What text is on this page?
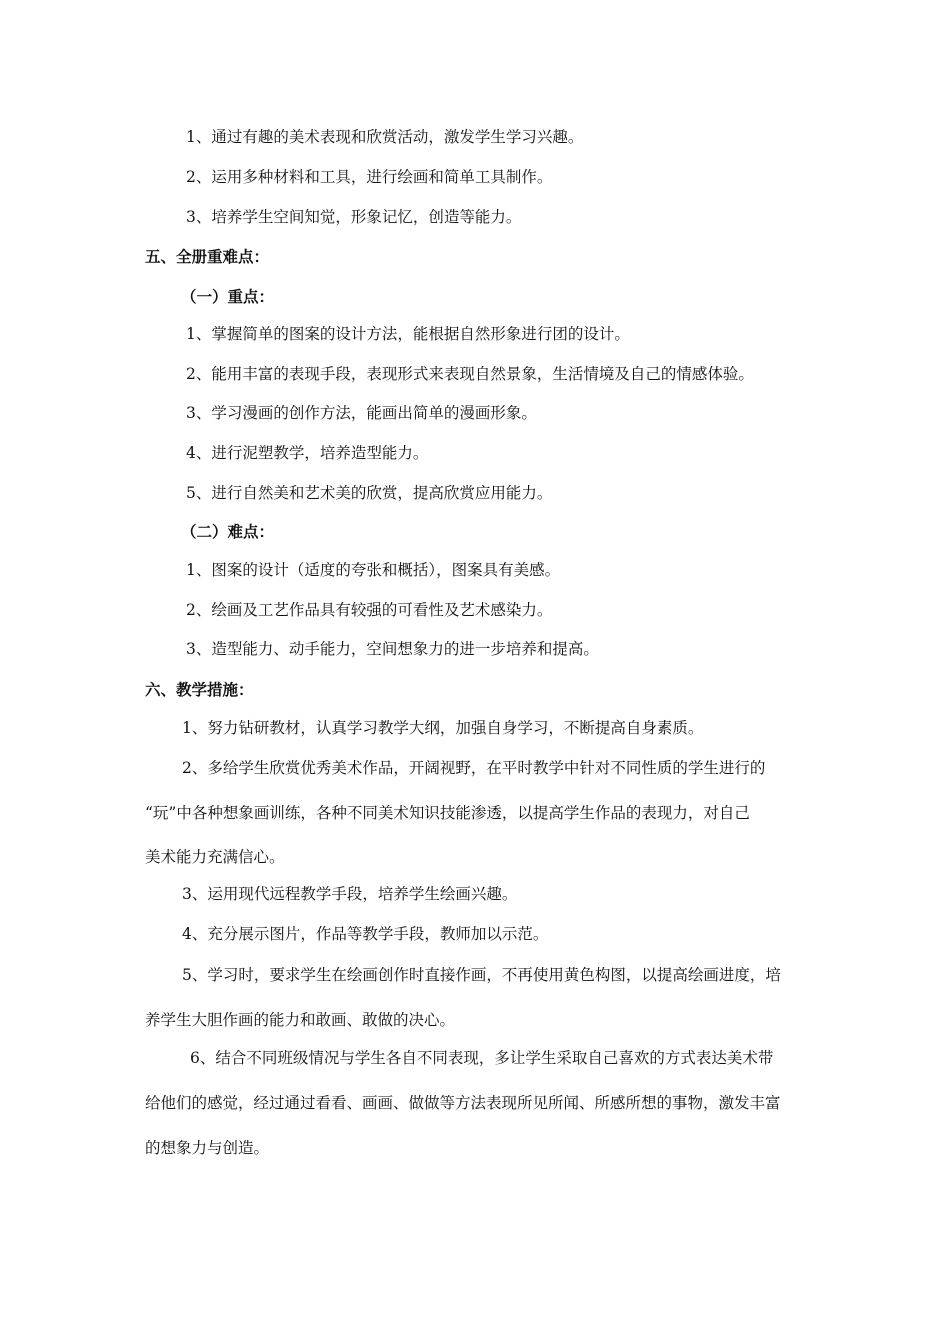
1、通过有趣的美术表现和欣赏活动，激发学生学习兴趣。
2、运用多种材料和工具，进行绘画和简单工具制作。
3、培养学生空间知觉，形象记忆，创造等能力。
五、全册重难点：
（一）重点：
1、掌握简单的图案的设计方法，能根据自然形象进行团的设计。
2、能用丰富的表现手段，表现形式来表现自然景象，生活情境及自己的情感体验。
3、学习漫画的创作方法，能画出简单的漫画形象。
4、进行泥塑教学，培养造型能力。
5、进行自然美和艺术美的欣赏，提高欣赏应用能力。
（二）难点：
1、图案的设计（适度的夸张和概括），图案具有美感。
2、绘画及工艺作品具有较强的可看性及艺术感染力。
3、造型能力、动手能力，空间想象力的进一步培养和提高。
六、教学措施：
1、努力钻研教材，认真学习教学大纲，加强自身学习，不断提高自身素质。
2、多给学生欣赏优秀美术作品，开阔视野，在平时教学中针对不同性质的学生进行的
“玩”中各种想象画训练，各种不同美术知识技能渗透，以提高学生作品的表现力，对自己
美术能力充满信心。
3、运用现代远程教学手段，培养学生绘画兴趣。
4、充分展示图片，作品等教学手段，教师加以示范。
5、学习时，要求学生在绘画创作时直接作画，不再使用黄色构图，以提高绘画进度，培
养学生大胆作画的能力和敢画、敢做的决心。
6、结合不同班级情况与学生各自不同表现，多让学生采取自己喜欢的方式表达美术带
给他们的感觉，经过通过看看、画画、做做等方法表现所见所闻、所感所想的事物，激发丰富
的想象力与创造。
